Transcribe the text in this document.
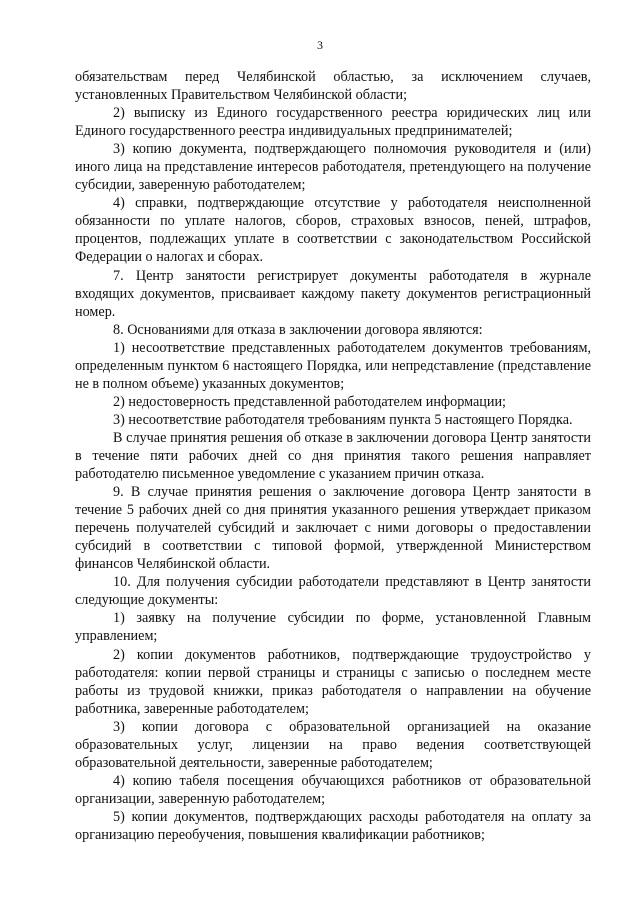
3

обязательствам перед Челябинской областью, за исключением случаев, установленных Правительством Челябинской области;

2) выписку из Единого государственного реестра юридических лиц или Единого государственного реестра индивидуальных предпринимателей;

3) копию документа, подтверждающего полномочия руководителя и (или) иного лица на представление интересов работодателя, претендующего на получение субсидии, заверенную работодателем;

4) справки, подтверждающие отсутствие у работодателя неисполненной обязанности по уплате налогов, сборов, страховых взносов, пеней, штрафов, процентов, подлежащих уплате в соответствии с законодательством Российской Федерации о налогах и сборах.

7. Центр занятости регистрирует документы работодателя в журнале входящих документов, присваивает каждому пакету документов регистрационный номер.

8. Основаниями для отказа в заключении договора являются:

1) несоответствие представленных работодателем документов требованиям, определенным пунктом 6 настоящего Порядка, или непредставление (представление не в полном объеме) указанных документов;

2) недостоверность представленной работодателем информации;

3) несоответствие работодателя требованиям пункта 5 настоящего Порядка.

В случае принятия решения об отказе в заключении договора Центр занятости в течение пяти рабочих дней со дня принятия такого решения направляет работодателю письменное уведомление с указанием причин отказа.

9. В случае принятия решения о заключение договора Центр занятости в течение 5 рабочих дней со дня принятия указанного решения утверждает приказом перечень получателей субсидий и заключает с ними договоры о предоставлении субсидий в соответствии с типовой формой, утвержденной Министерством финансов Челябинской области.

10. Для получения субсидии работодатели представляют в Центр занятости следующие документы:

1) заявку на получение субсидии по форме, установленной Главным управлением;

2) копии документов работников, подтверждающие трудоустройство у работодателя: копии первой страницы и страницы с записью о последнем месте работы из трудовой книжки, приказ работодателя о направлении на обучение работника, заверенные работодателем;

3) копии договора с образовательной организацией на оказание образовательных услуг, лицензии на право ведения соответствующей образовательной деятельности, заверенные работодателем;

4) копию табеля посещения обучающихся работников от образовательной организации, заверенную работодателем;

5) копии документов, подтверждающих расходы работодателя на оплату за организацию переобучения, повышения квалификации работников;
